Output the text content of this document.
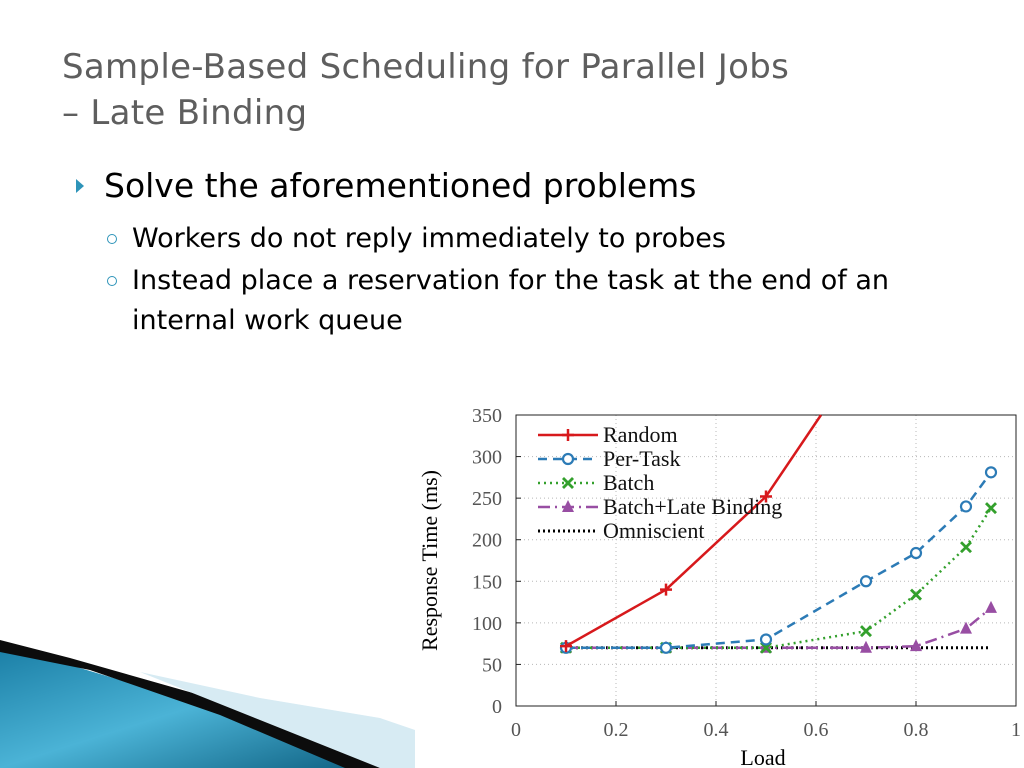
Sample-Based Scheduling for Parallel Jobs
– Late Binding
Solve the aforementioned problems
Workers do not reply immediately to probes
Instead place a reservation for the task at the end of an internal work queue
0
50
100
150
200
250
300
350
0	0.2	0.4	0.6	0.8	1
Load
Response Time (ms)
Random
Per-Task
Batch
Batch+Late Binding
Omniscient
